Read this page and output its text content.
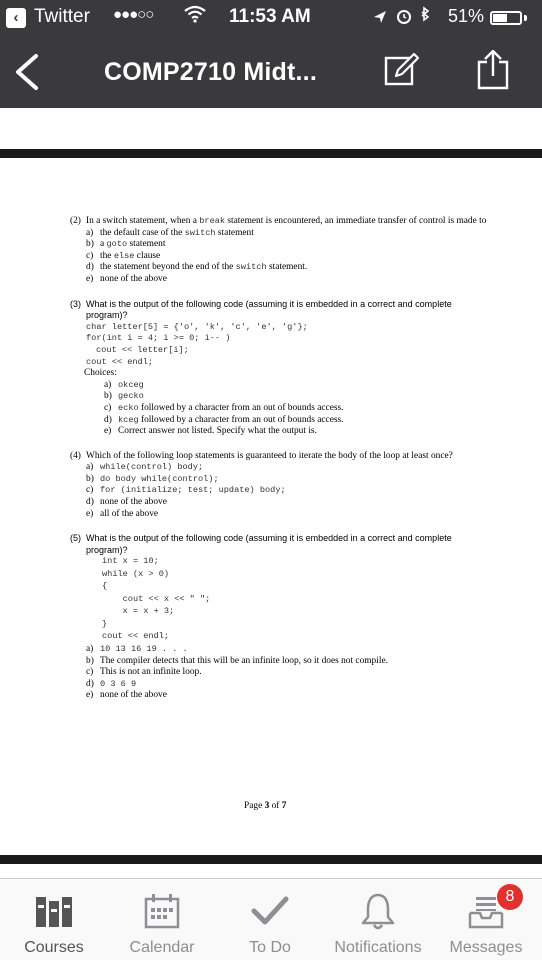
‹ Twitter ●●●○○	11:53 AM	51%
COMP2710 Midt...
(2) In a switch statement, when a break statement is encountered, an immediate transfer of control is made to
a) the default case of the switch statement
b) a goto statement
c) the else clause
d) the statement beyond the end of the switch statement.
e) none of the above
(3) What is the output of the following code (assuming it is embedded in a correct and complete program)?
char letter[5] = {'o', 'k', 'c', 'e', 'g'};
for(int i = 4; i >= 0; i-- )
cout << letter[i];
cout << endl;
Choices:
a) okceg
b) gecko
c) ecko followed by a character from an out of bounds access.
d) kceg followed by a character from an out of bounds access.
e) Correct answer not listed. Specify what the output is.
(4) Which of the following loop statements is guaranteed to iterate the body of the loop at least once?
a) while(control) body;
b) do body while(control);
c) for (initialize; test; update) body;
d) none of the above
e) all of the above
(5) What is the output of the following code (assuming it is embedded in a correct and complete program)?
int x = 10;
while (x > 0)
{
cout << x << " ";
x = x + 3;
}
cout << endl;
a) 10 13 16 19 . . .
b) The compiler detects that this will be an infinite loop, so it does not compile.
c) This is not an infinite loop.
d) 0 3 6 9
e) none of the above
Page 3 of 7
Courses	Calendar	To Do	Notifications	Messages
8
